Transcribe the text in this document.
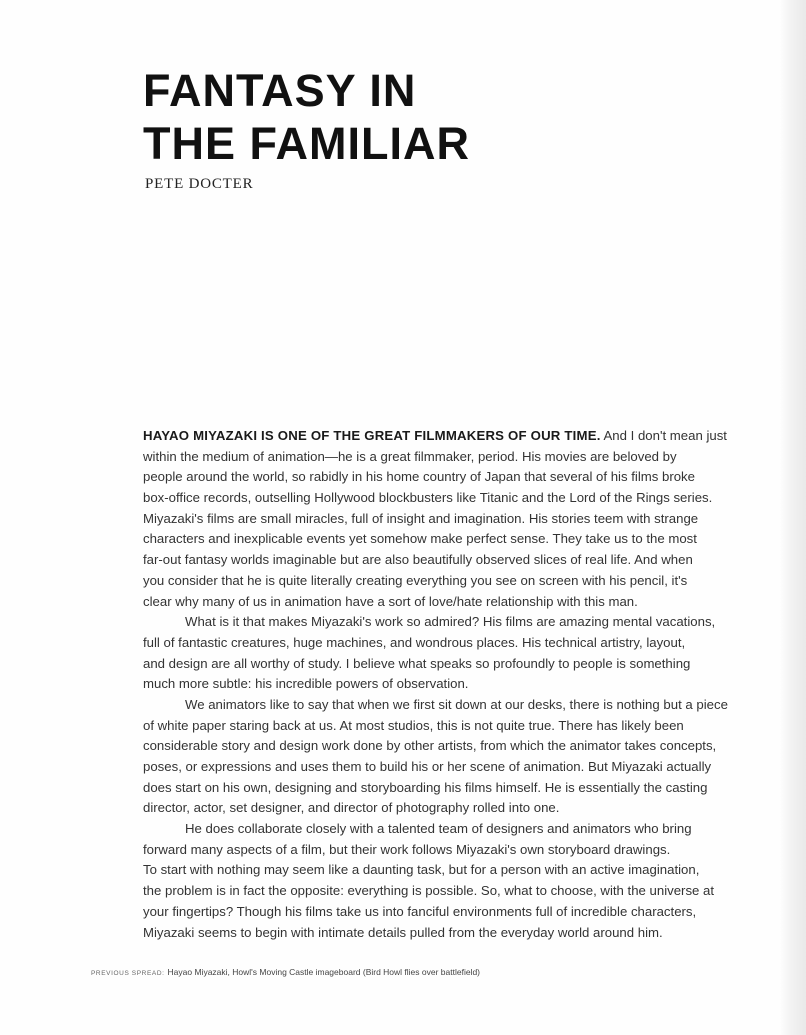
FANTASY IN
THE FAMILIAR

PETE DOCTER

HAYAO MIYAZAKI IS ONE OF THE GREAT FILMMAKERS OF OUR TIME. And I don't mean just
within the medium of animation—he is a great filmmaker, period. His movies are beloved by
people around the world, so rabidly in his home country of Japan that several of his films broke
box-office records, outselling Hollywood blockbusters like Titanic and the Lord of the Rings series.
Miyazaki's films are small miracles, full of insight and imagination. His stories teem with strange
characters and inexplicable events yet somehow make perfect sense. They take us to the most
far-out fantasy worlds imaginable but are also beautifully observed slices of real life. And when
you consider that he is quite literally creating everything you see on screen with his pencil, it's
clear why many of us in animation have a sort of love/hate relationship with this man.
What is it that makes Miyazaki's work so admired? His films are amazing mental vacations,
full of fantastic creatures, huge machines, and wondrous places. His technical artistry, layout,
and design are all worthy of study. I believe what speaks so profoundly to people is something
much more subtle: his incredible powers of observation.
We animators like to say that when we first sit down at our desks, there is nothing but a piece
of white paper staring back at us. At most studios, this is not quite true. There has likely been
considerable story and design work done by other artists, from which the animator takes concepts,
poses, or expressions and uses them to build his or her scene of animation. But Miyazaki actually
does start on his own, designing and storyboarding his films himself. He is essentially the casting
director, actor, set designer, and director of photography rolled into one.
He does collaborate closely with a talented team of designers and animators who bring
forward many aspects of a film, but their work follows Miyazaki's own storyboard drawings.
To start with nothing may seem like a daunting task, but for a person with an active imagination,
the problem is in fact the opposite: everything is possible. So, what to choose, with the universe at
your fingertips? Though his films take us into fanciful environments full of incredible characters,
Miyazaki seems to begin with intimate details pulled from the everyday world around him.
PREVIOUS SPREAD: Hayao Miyazaki, Howl's Moving Castle imageboard (Bird Howl flies over battlefield)
